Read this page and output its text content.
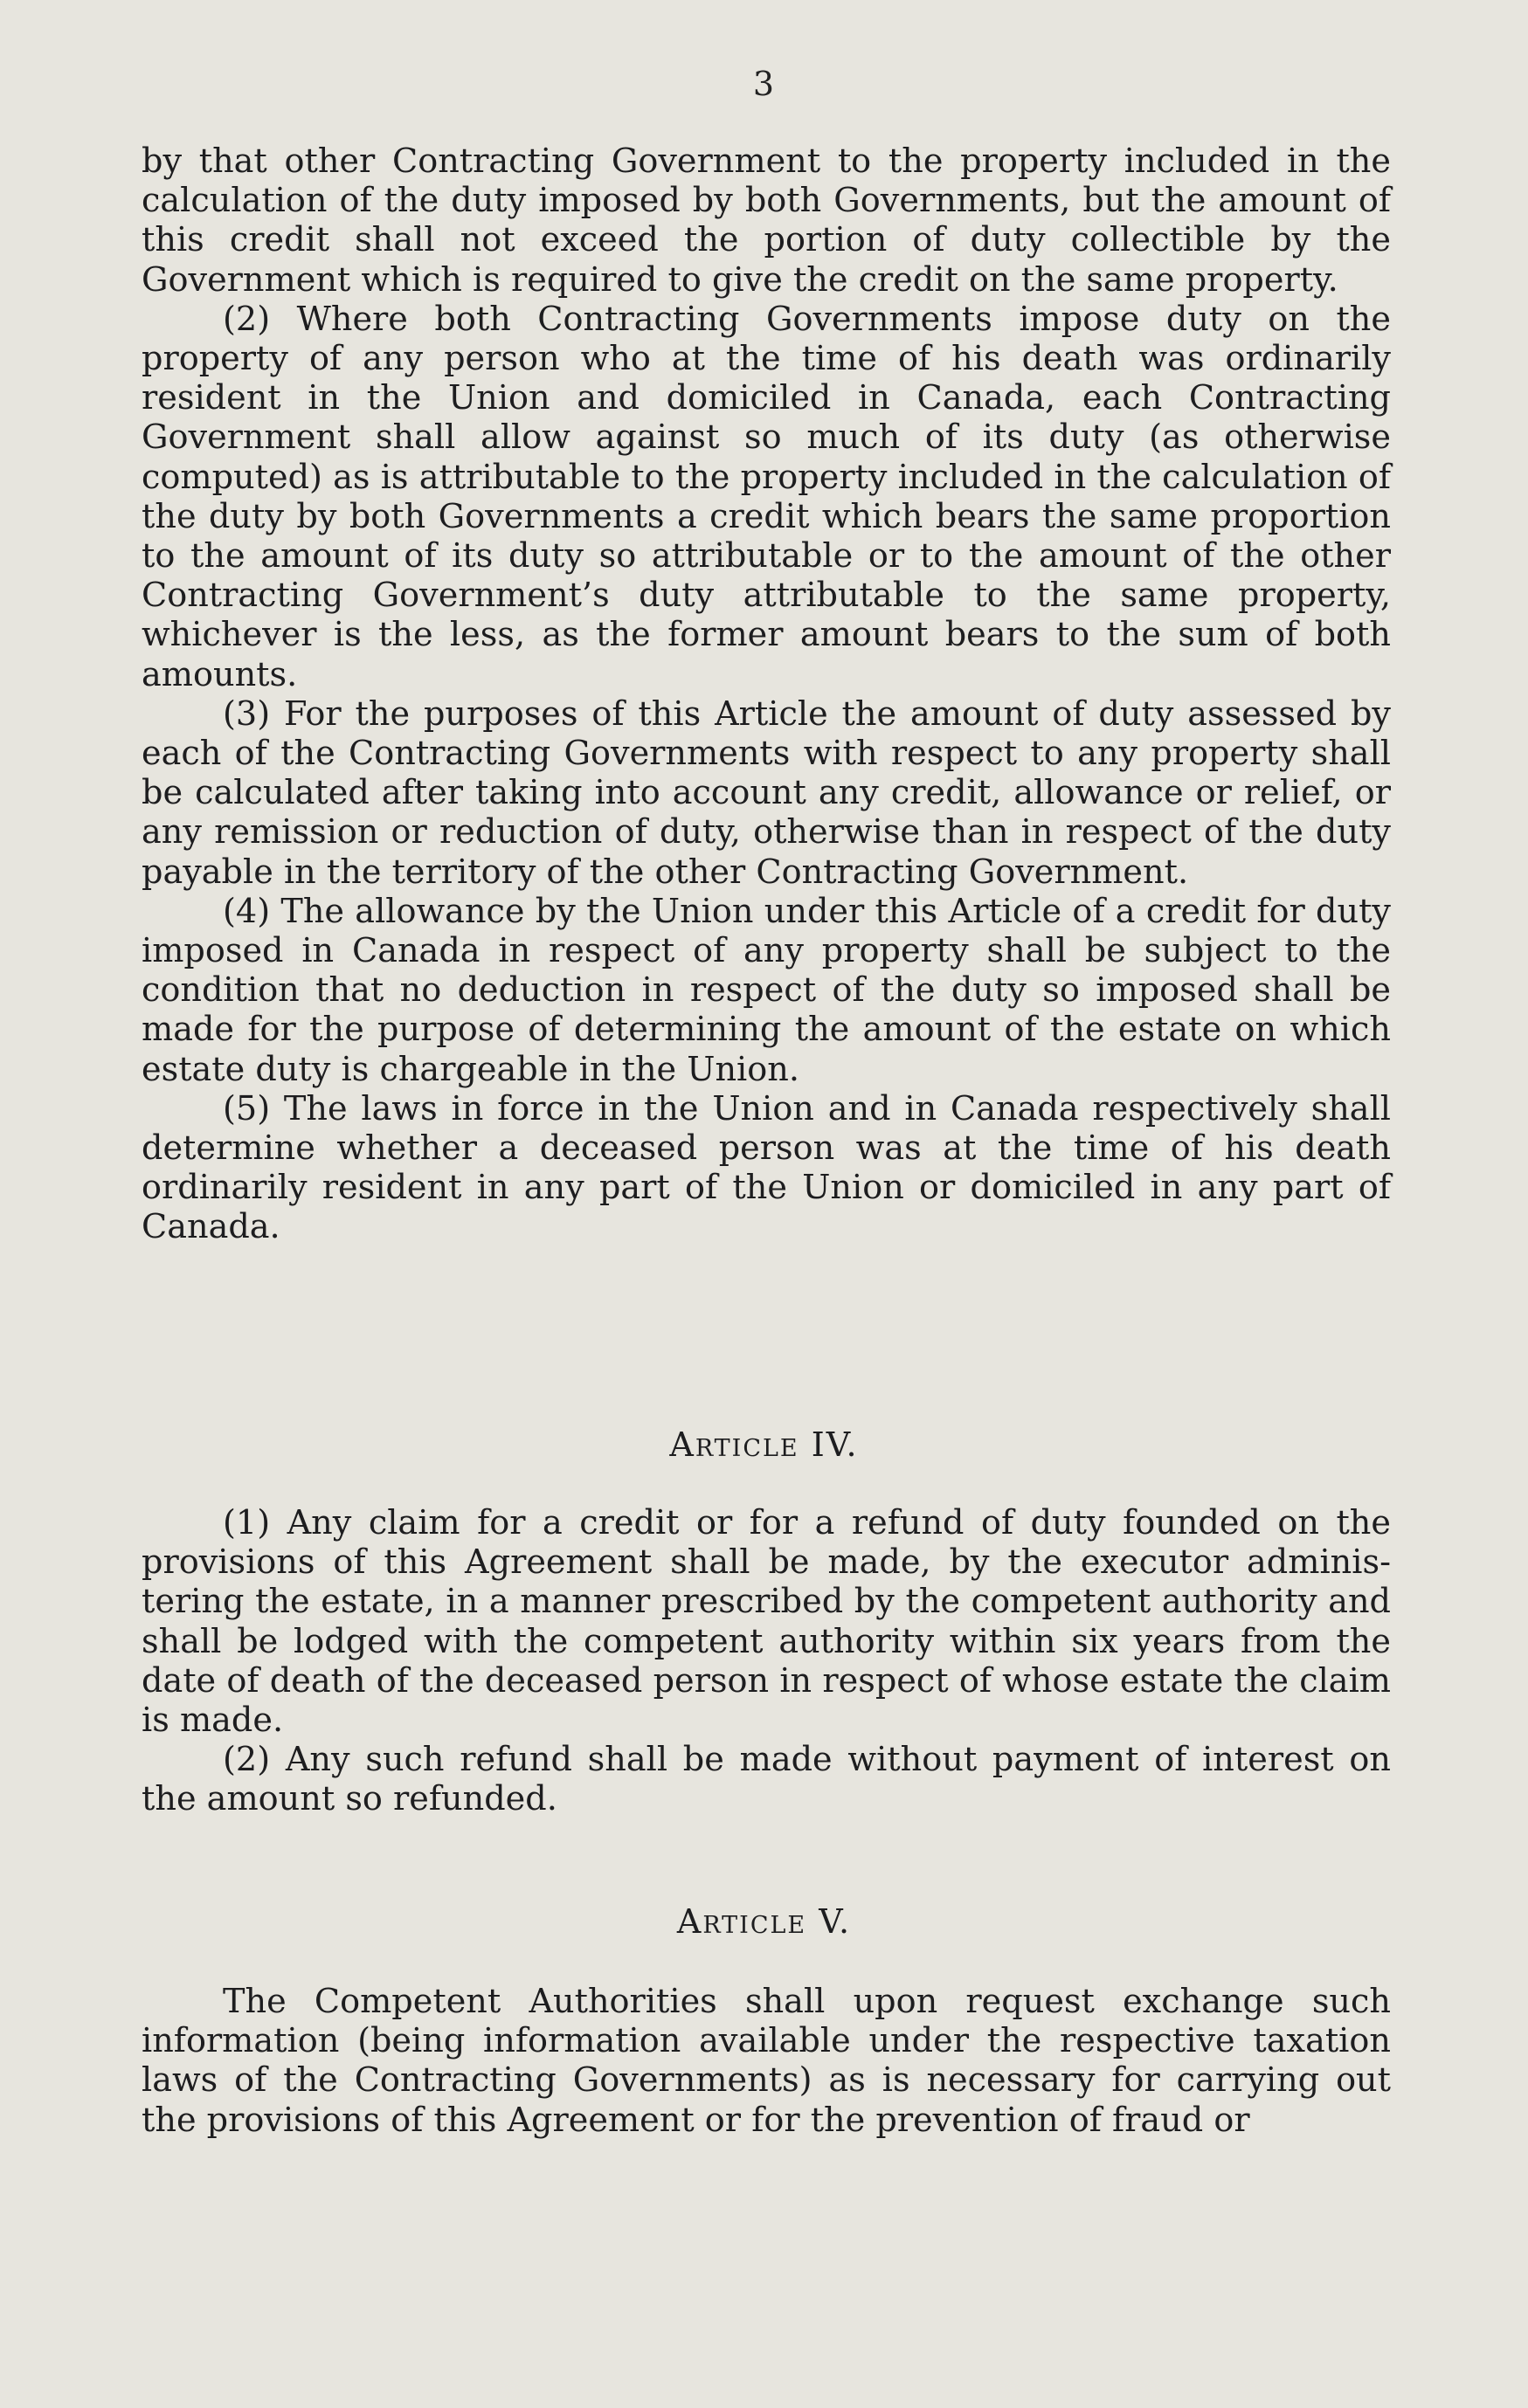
3

by that other Contracting Government to the property included in the calculation of the duty imposed by both Governments, but the amount of this credit shall not exceed the portion of duty collectible by the Government which is required to give the credit on the same property.

(2) Where both Contracting Governments impose duty on the property of any person who at the time of his death was ordinarily resident in the Union and domiciled in Canada, each Contracting Government shall allow against so much of its duty (as otherwise computed) as is attributable to the property included in the calculation of the duty by both Governments a credit which bears the same proportion to the amount of its duty so attributable or to the amount of the other Contracting Government’s duty attributable to the same property, whichever is the less, as the former amount bears to the sum of both amounts.

(3) For the purposes of this Article the amount of duty assessed by each of the Contracting Governments with respect to any property shall be calculated after taking into account any credit, allowance or relief, or any remission or reduction of duty, otherwise than in respect of the duty payable in the territory of the other Contracting Government.

(4) The allowance by the Union under this Article of a credit for duty imposed in Canada in respect of any property shall be subject to the condition that no deduction in respect of the duty so imposed shall be made for the purpose of determining the amount of the estate on which estate duty is chargeable in the Union.

(5) The laws in force in the Union and in Canada respectively shall determine whether a deceased person was at the time of his death ordinarily resident in any part of the Union or domiciled in any part of Canada.

Article IV.

(1) Any claim for a credit or for a refund of duty founded on the provisions of this Agreement shall be made, by the executor administering the estate, in a manner prescribed by the competent authority and shall be lodged with the competent authority within six years from the date of death of the deceased person in respect of whose estate the claim is made.

(2) Any such refund shall be made without payment of interest on the amount so refunded.

Article V.

The Competent Authorities shall upon request exchange such information (being information available under the respective taxation laws of the Contracting Governments) as is necessary for carrying out the provisions of this Agreement or for the prevention of fraud or
